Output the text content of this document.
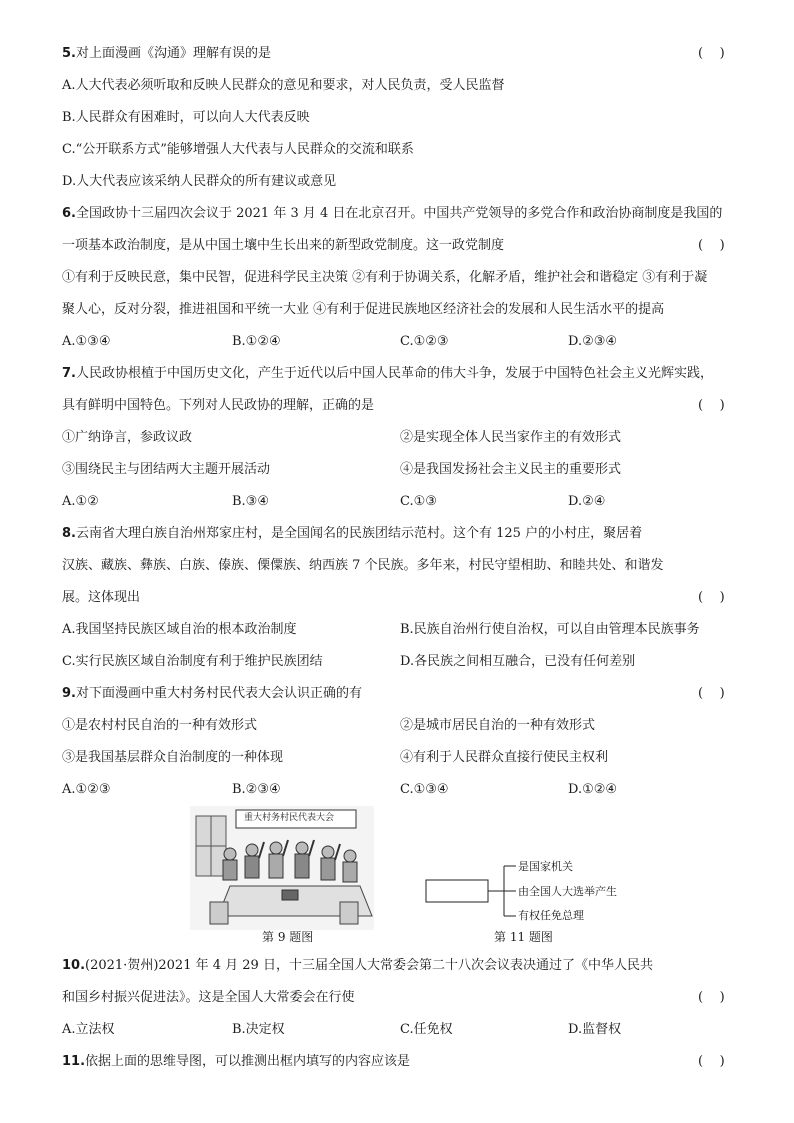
5.对上面漫画《沟通》理解有误的是	(    )
A.人大代表必须听取和反映人民群众的意见和要求，对人民负责，受人民监督
B.人民群众有困难时，可以向人大代表反映
C.“公开联系方式”能够增强人大代表与人民群众的交流和联系
D.人大代表应该采纳人民群众的所有建议或意见
6.全国政协十三届四次会议于 2021 年 3 月 4 日在北京召开。中国共产党领导的多党合作和政治协商制度是我国的
一项基本政治制度，是从中国土壤中生长出来的新型政党制度。这一政党制度	(    )
①有利于反映民意，集中民智，促进科学民主决策 ②有利于协调关系，化解矛盾，维护社会和谐稳定 ③有利于凝
聚人心，反对分裂，推进祖国和平统一大业 ④有利于促进民族地区经济社会的发展和人民生活水平的提高
A.①③④	B.①②④	C.①②③	D.②③④
7.人民政协根植于中国历史文化，产生于近代以后中国人民革命的伟大斗争，发展于中国特色社会主义光辉实践，
具有鲜明中国特色。下列对人民政协的理解，正确的是	(    )
①广纳诤言，参政议政	②是实现全体人民当家作主的有效形式
③围绕民主与团结两大主题开展活动	④是我国发扬社会主义民主的重要形式
A.①②	B.③④	C.①③	D.②④
8.云南省大理白族自治州郑家庄村，是全国闻名的民族团结示范村。这个有 125 户的小村庄，聚居着
汉族、藏族、彝族、白族、傣族、傈僳族、纳西族 7 个民族。多年来，村民守望相助、和睦共处、和谐发
展。这体现出	(    )
A.我国坚持民族区域自治的根本政治制度	B.民族自治州行使自治权，可以自由管理本民族事务
C.实行民族区域自治制度有利于维护民族团结	D.各民族之间相互融合，已没有任何差别
9.对下面漫画中重大村务村民代表大会认识正确的有	(    )
①是农村村民自治的一种有效形式	②是城市居民自治的一种有效形式
③是我国基层群众自治制度的一种体现	④有利于人民群众直接行使民主权利
A.①②③	B.②③④	C.①③④	D.①②④
重大村务村民代表大会
第 9 题图
是国家机关
由全国人大选举产生
有权任免总理
第 11 题图
10.(2021·贺州)2021 年 4 月 29 日，十三届全国人大常委会第二十八次会议表决通过了《中华人民共
和国乡村振兴促进法》。这是全国人大常委会在行使	(    )
A.立法权	B.决定权	C.任免权	D.监督权
11.依据上面的思维导图，可以推测出框内填写的内容应该是	(    )
